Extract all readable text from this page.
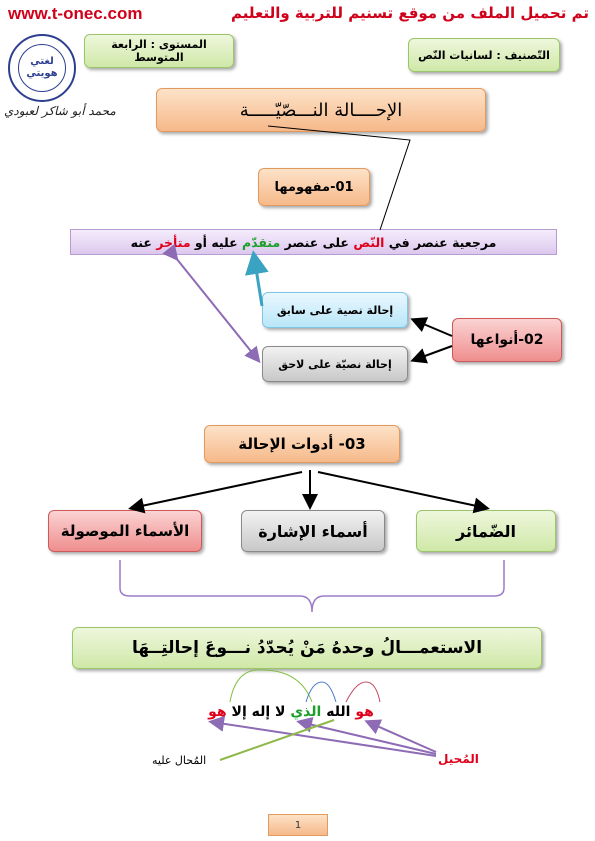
www.t-onec.com	تم تحميل الملف من موقع تسنيم للتربية والتعليم
لغتي
هويتي
محمد أبو شاكر لعبودي
المستوى : الرابعة المتوسط	التّصنيف : لسانيات النّص
الإحــــالة النـــصّيّـــــة
01-مفهومها
مرجعية عنصر في النّص على عنصر متقدّم عليه أو متأخر عنه
إحالة نصية على سابق
إحالة نصيّة على لاحق
02-أنواعها
03- أدوات الإحالة
الضّمائر
أسماء الإشارة
الأسماء الموصولة
الاستعمـــالُ وحدهُ مَنْ يُحدّدُ نـــوعَ إحالتِــهَا
هو الله الذي لا إله إلا هو
المُحال عليه	المُحيل
1
